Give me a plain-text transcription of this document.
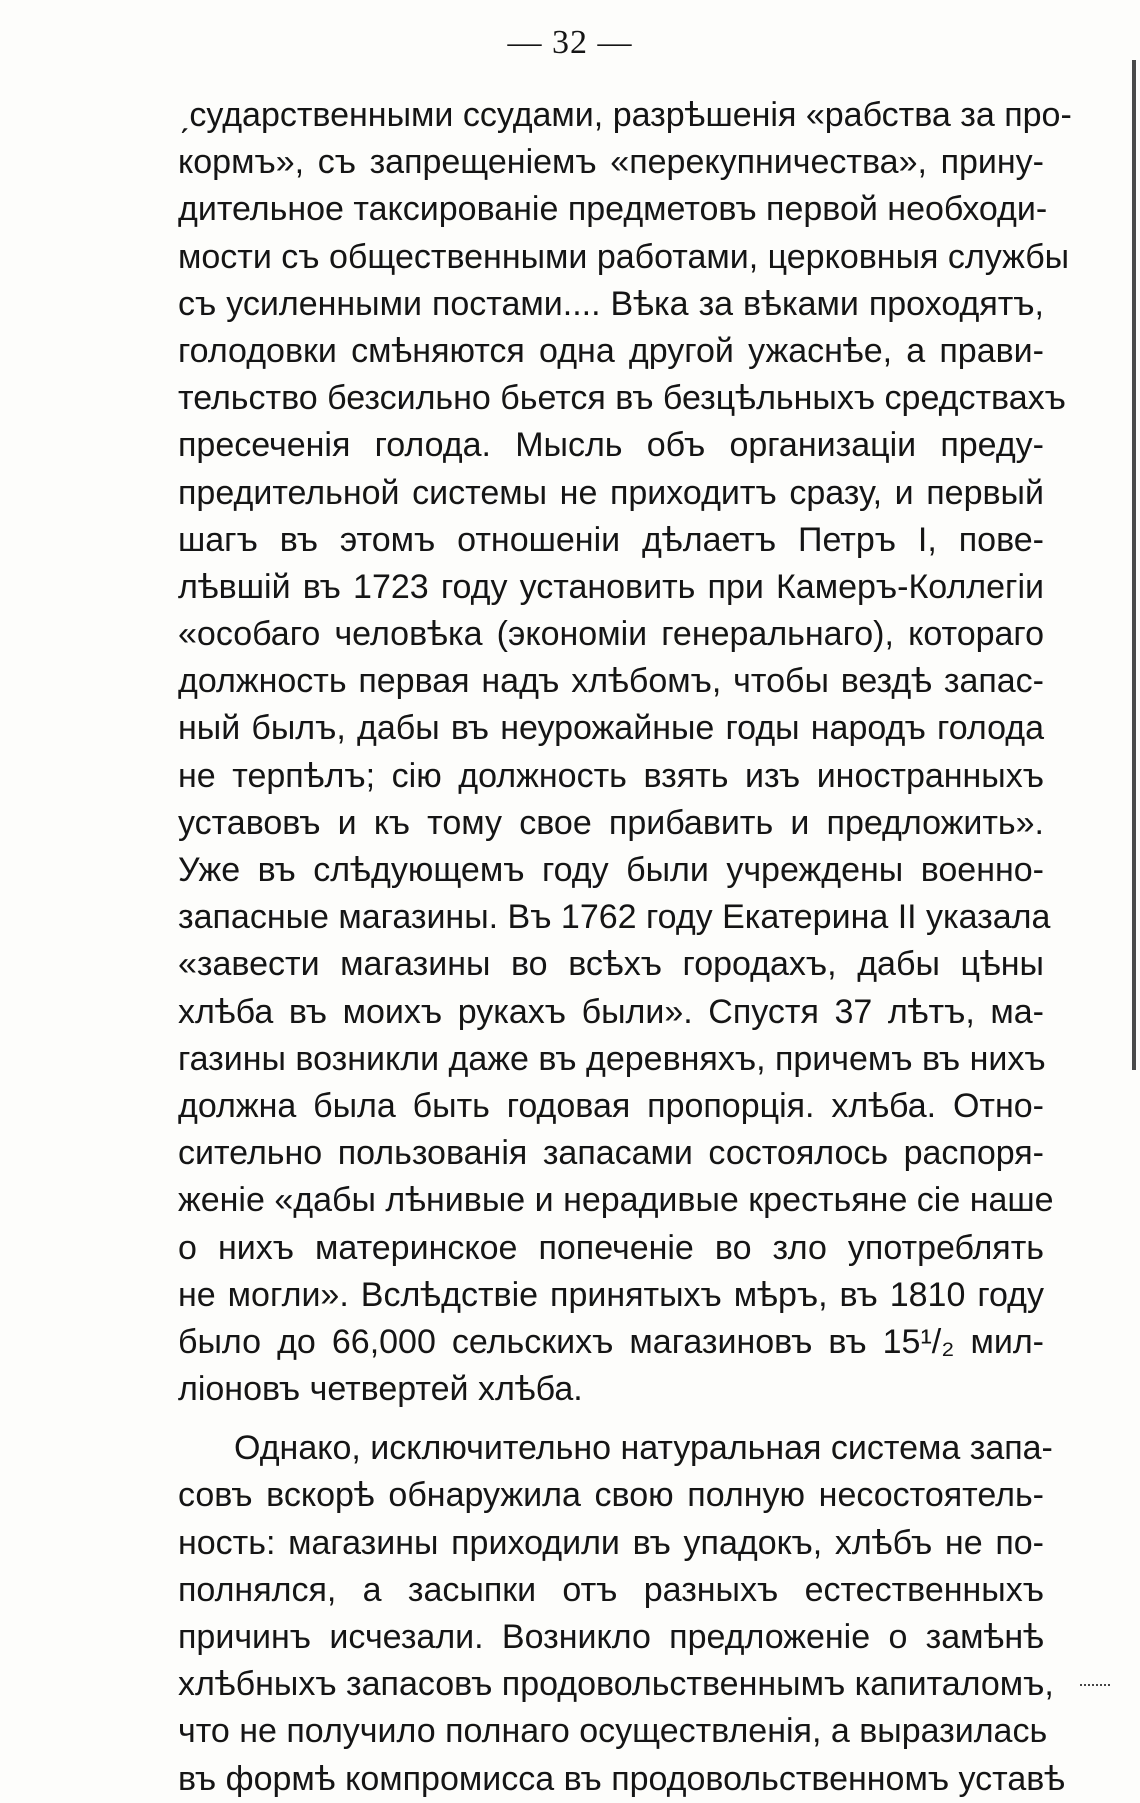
— 32 —
ˏсударственными ссудами, разрѣшенія «рабства за про-
кормъ», съ запрещеніемъ «перекупничества», прину-
дительное таксированіе предметовъ первой необходи-
мости съ общественными работами, церковныя службы
съ усиленными постами.... Вѣка за вѣками проходятъ,
голодовки смѣняются одна другой ужаснѣе, а прави-
тельство безсильно бьется въ безцѣльныхъ средствахъ
пресеченія голода. Мысль объ организаціи преду-
предительной системы не приходитъ сразу, и первый
шагъ въ этомъ отношеніи дѣлаетъ Петръ I, пове-
лѣвшій въ 1723 году установить при Камеръ-Коллегіи
«особаго человѣка (экономіи генеральнаго), котораго
должность первая надъ хлѣбомъ, чтобы вездѣ запас-
ный былъ, дабы въ неурожайные годы народъ голода
не терпѣлъ; сію должность взять изъ иностранныхъ
уставовъ и къ тому свое прибавить и предложить».
Уже въ слѣдующемъ году были учреждены военно-
запасные магазины. Въ 1762 году Екатерина II указала
«завести магазины во всѣхъ городахъ, дабы цѣны
хлѣба въ моихъ рукахъ были». Спустя 37 лѣтъ, ма-
газины возникли даже въ деревняхъ, причемъ въ нихъ
должна была быть годовая пропорція. хлѣба. Отно-
сительно пользованія запасами состоялось распоря-
женіе «дабы лѣнивые и нерадивые крестьяне сіе наше
о нихъ материнское попеченіе во зло употреблять
не могли». Вслѣдствіе принятыхъ мѣръ, въ 1810 году
было до 66,000 сельскихъ магазиновъ въ 15¹/₂ мил-
ліоновъ четвертей хлѣба.
Однако, исключительно натуральная система запа-
совъ вскорѣ обнаружила свою полную несостоятель-
ность: магазины приходили въ упадокъ, хлѣбъ не по-
полнялся, а засыпки отъ разныхъ естественныхъ
причинъ исчезали. Возникло предложеніе о замѣнѣ
хлѣбныхъ запасовъ продовольственнымъ капиталомъ,
что не получило полнаго осуществленія, а выразилась
въ формѣ компромисса въ продовольственномъ уставѣ
